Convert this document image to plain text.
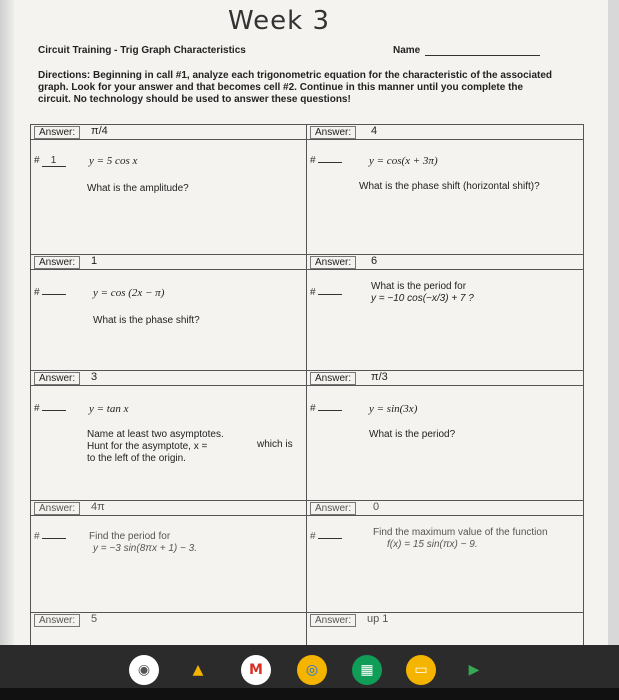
Week 3
Circuit Training - Trig Graph Characteristics	Name
Directions: Beginning in call #1, analyze each trigonometric equation for the characteristic of the associated graph. Look for your answer and that becomes cell #2. Continue in this manner until you complete the circuit. No technology should be used to answer these questions!
Answer:	π/4
# 1	y = 5 cos x
What is the amplitude?
Answer:	4
#	y = cos(x + 3π)
What is the phase shift (horizontal shift)?
Answer:	1
#	y = cos (2x − π)
What is the phase shift?
Answer:	6
#
What is the period for
y = −10 cos(−x/3) + 7 ?
Answer:	3
#	y = tan x
Name at least two asymptotes.
Hunt for the asymptote, x =	which is
to the left of the origin.
Answer:	π/3
#	y = sin(3x)
What is the period?
Answer:	4π
#	Find the period for
y = −3 sin(8πx + 1) − 3.
Answer:	0
#	Find the maximum value of the function
f(x) = 15 sin(πx) − 9.
Answer:	5	Answer:	up 1
◉	▲	M	◎	▦	▭	▶
